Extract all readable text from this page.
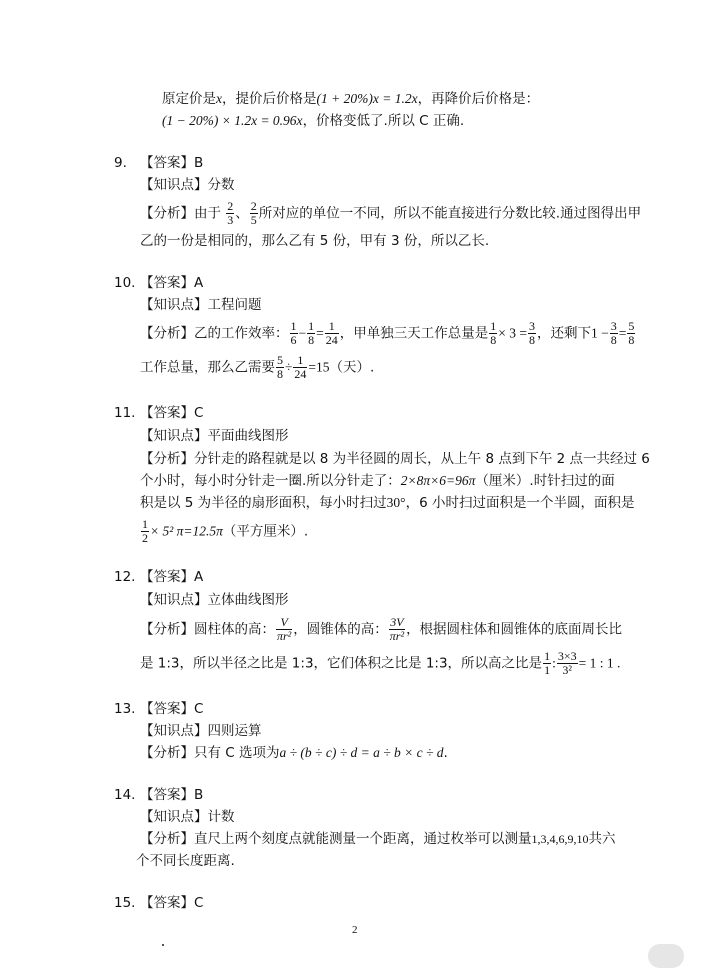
原定价是x，提价后价格是(1 + 20%)x = 1.2x，再降价后价格是：
(1 − 20%) × 1.2x = 0.96x，价格变低了.所以 C 正确.
9. 【答案】B
【知识点】分数
【分析】由于 $\frac{2}{3}$ 、 $\frac{2}{5}$ 所对应的单位一不同，所以不能直接进行分数比较.通过图得出甲
乙的一份是相同的，那么乙有 5 份，甲有 3 份，所以乙长.
10. 【答案】A
【知识点】工程问题
【分析】乙的工作效率： $\frac{1}{6} - \frac{1}{8} = \frac{1}{24}$ ，甲单独三天工作总量是 $\frac{1}{8} \times 3 = \frac{3}{8}$ ，还剩下$1 - \frac{3}{8} = \frac{5}{8}$
工作总量，那么乙需要 $\frac{5}{8} \div \frac{1}{24} =15$（天）.
11. 【答案】C
【知识点】平面曲线图形
【分析】分针走的路程就是以 8 为半径圆的周长，从上午 8 点到下午 2 点一共经过 6
个小时，每小时分针走一圈.所以分针走了：2×8π×6=96π（厘米）.时针扫过的面
积是以 5 为半径的扇形面积，每小时扫过30°，6 小时扫过面积是一个半圆，面积是
$\frac{1}{2} \times 5^2$ π=12.5π（平方厘米）.
12. 【答案】A
【知识点】立体曲线图形
【分析】圆柱体的高： $\frac{V}{\text{πr²}}$ ，圆锥体的高： $\frac{3V}{\text{πr²}}$ ，根据圆柱体和圆锥体的底面周长比
是 1:3，所以半径之比是 1:3，它们体积之比是 1:3，所以高之比是 $\frac{1}{1}$ : $\frac{3\times 3}{\text{3²}} = 1$ : 1 .
13. 【答案】C
【知识点】四则运算
【分析】只有 C 选项为a ÷ (b ÷ c) ÷ d = a ÷ b × c ÷ d.
14. 【答案】B
【知识点】计数
【分析】直尺上两个刻度点就能测量一个距离，通过枚举可以测量1,3,4,6,9,10共六
个不同长度距离.
15. 【答案】C
2
